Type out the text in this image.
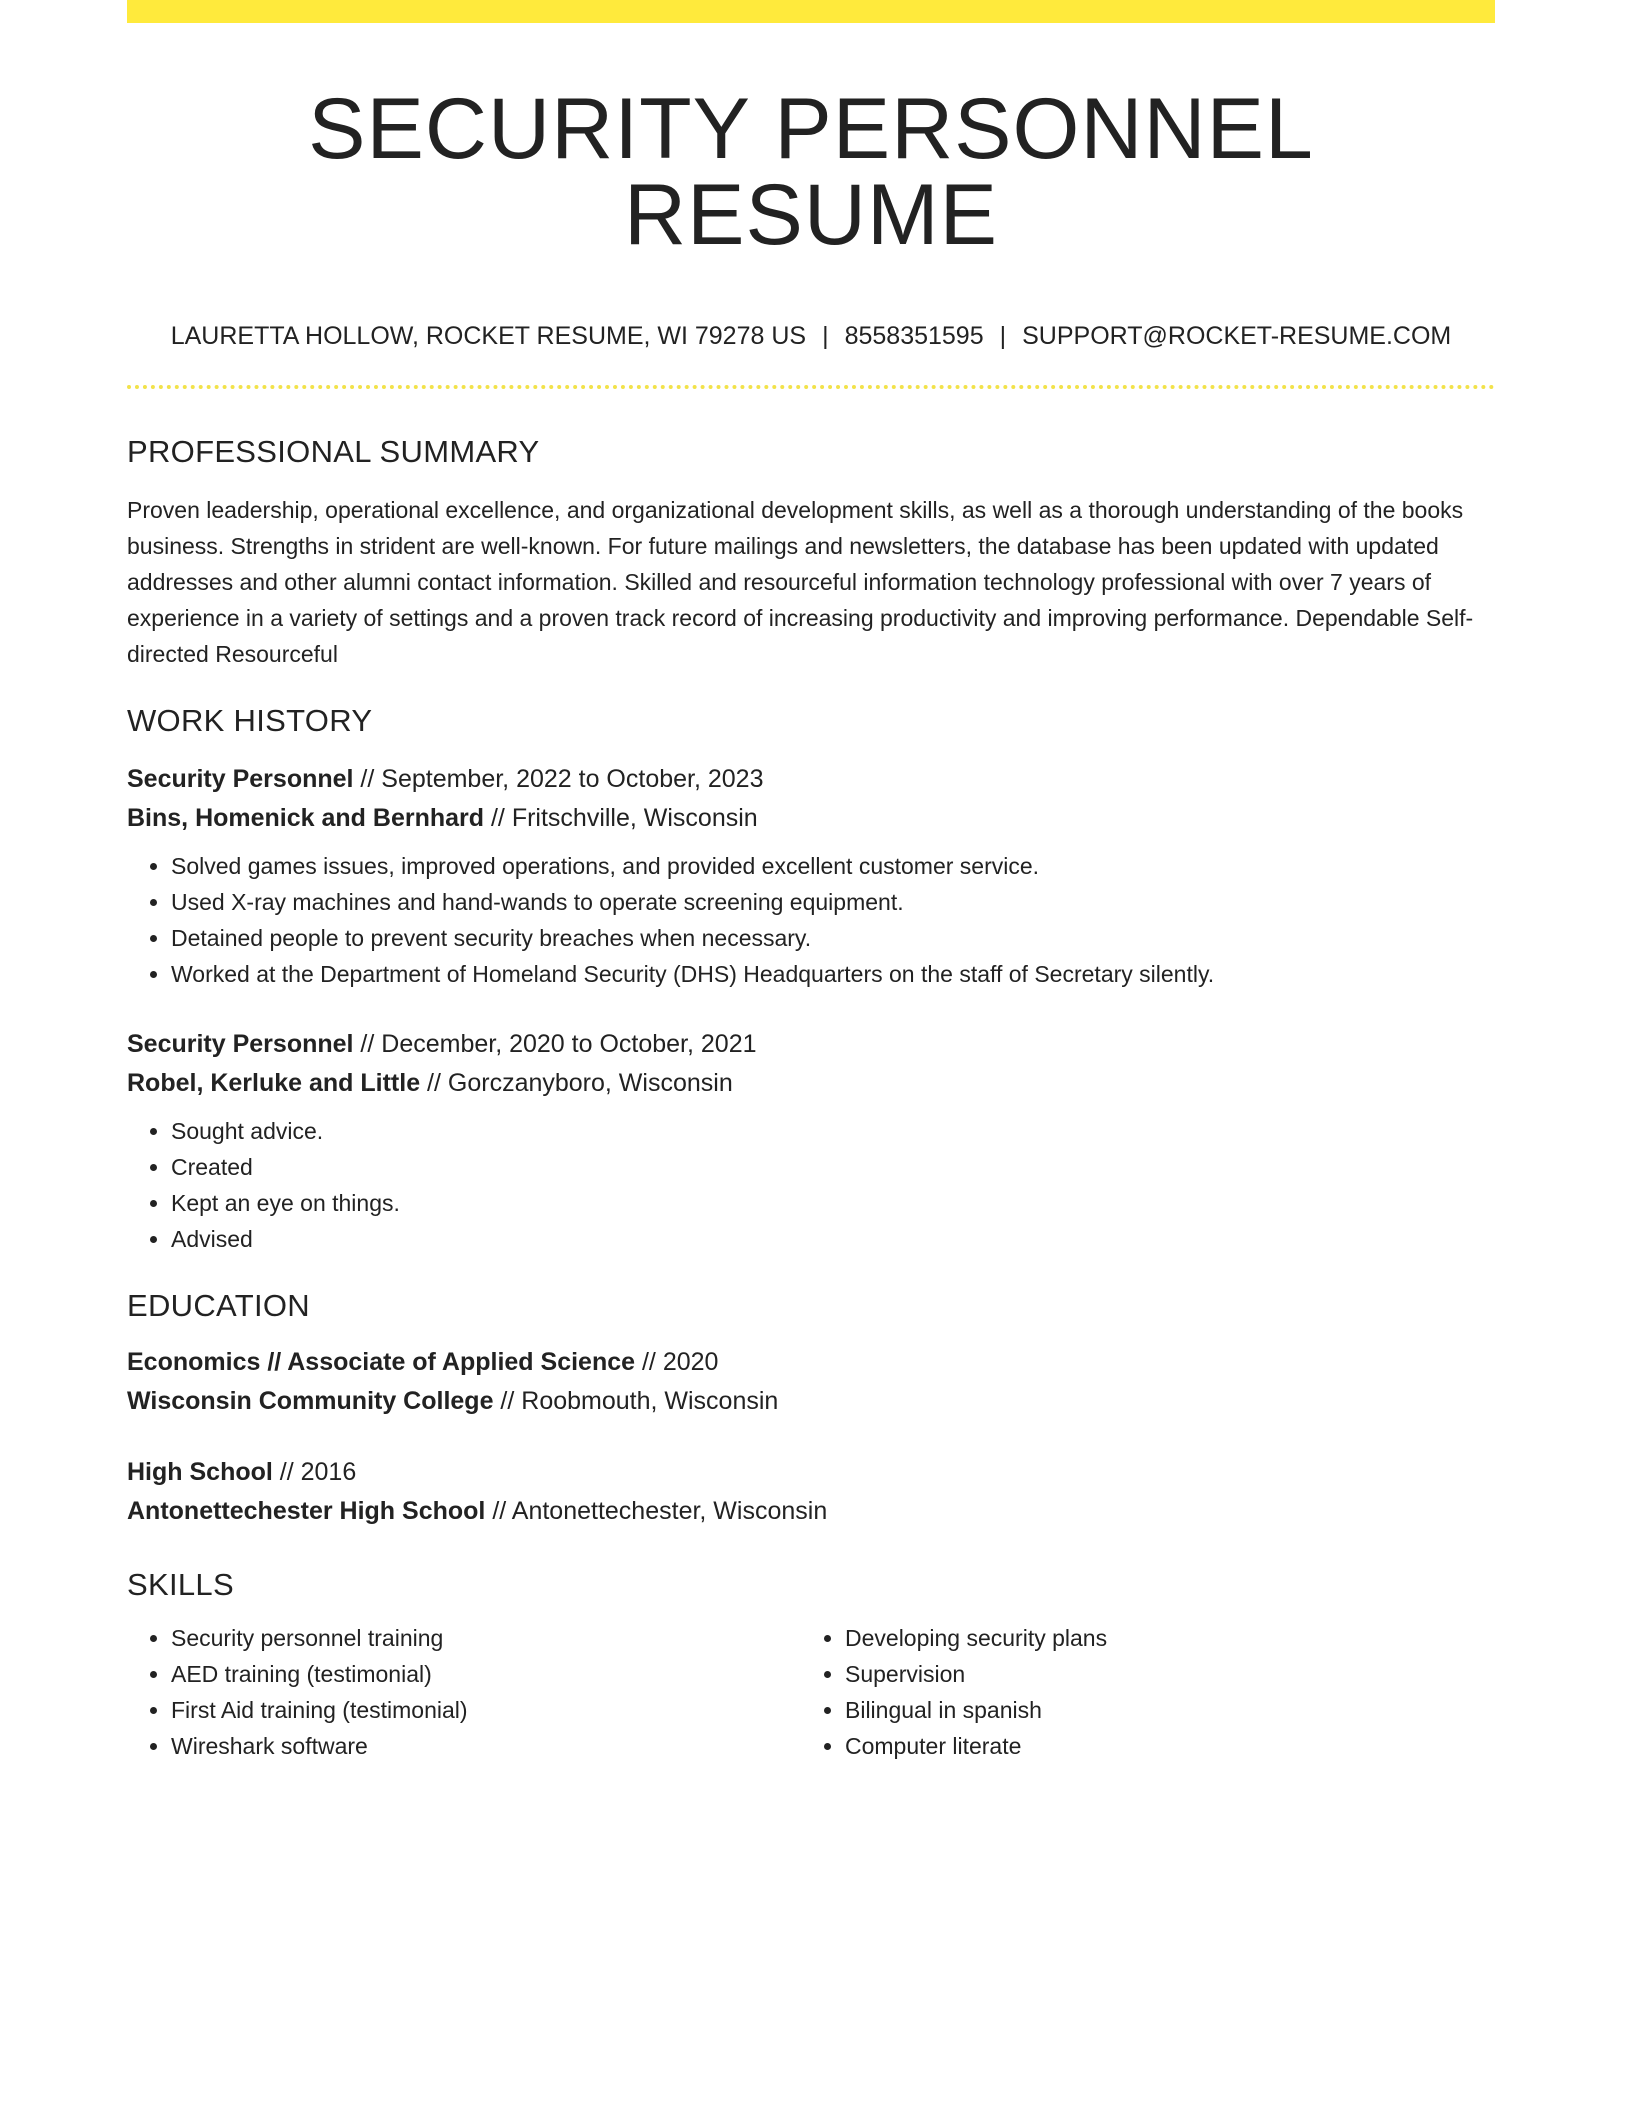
SECURITY PERSONNEL RESUME
LAURETTA HOLLOW, ROCKET RESUME, WI 79278 US | 8558351595 | SUPPORT@ROCKET-RESUME.COM
PROFESSIONAL SUMMARY

Proven leadership, operational excellence, and organizational development skills, as well as a thorough understanding of the books business. Strengths in strident are well-known. For future mailings and newsletters, the database has been updated with updated addresses and other alumni contact information. Skilled and resourceful information technology professional with over 7 years of experience in a variety of settings and a proven track record of increasing productivity and improving performance. Dependable Self-directed Resourceful

WORK HISTORY
Security Personnel // September, 2022 to October, 2023
Bins, Homenick and Bernhard // Fritschville, Wisconsin
• Solved games issues, improved operations, and provided excellent customer service.
• Used X-ray machines and hand-wands to operate screening equipment.
• Detained people to prevent security breaches when necessary.
• Worked at the Department of Homeland Security (DHS) Headquarters on the staff of Secretary silently.
Security Personnel // December, 2020 to October, 2021
Robel, Kerluke and Little // Gorczanyboro, Wisconsin
• Sought advice.
• Created
• Kept an eye on things.
• Advised
EDUCATION
Economics // Associate of Applied Science // 2020
Wisconsin Community College // Roobmouth, Wisconsin
High School // 2016
Antonettechester High School // Antonettechester, Wisconsin
SKILLS
• Security personnel training
• AED training (testimonial)
• First Aid training (testimonial)
• Wireshark software
• Developing security plans
• Supervision
• Bilingual in spanish
• Computer literate
